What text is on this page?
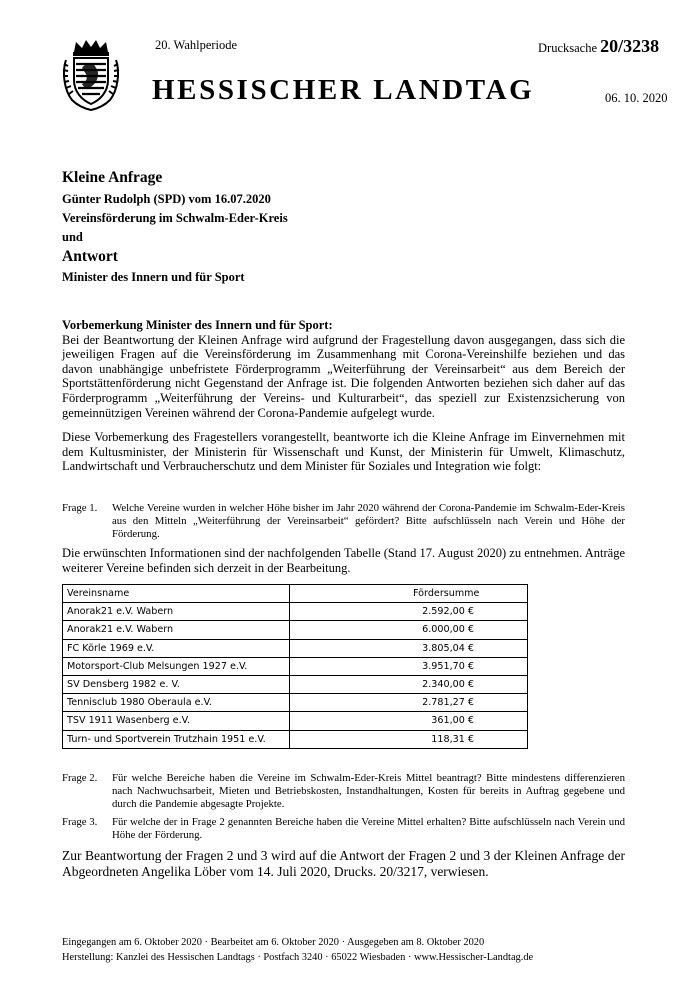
20. Wahlperiode	Drucksache 20/3238
HESSISCHER LANDTAG	06. 10. 2020

Kleine Anfrage

Günter Rudolph (SPD) vom 16.07.2020

Vereinsförderung im Schwalm-Eder-Kreis

und

Antwort

Minister des Innern und für Sport

Vorbemerkung Minister des Innern und für Sport:
Bei der Beantwortung der Kleinen Anfrage wird aufgrund der Fragestellung davon ausgegangen, dass sich die jeweiligen Fragen auf die Vereinsförderung im Zusammenhang mit Corona-Vereinshilfe beziehen und das davon unabhängige unbefristete Förderprogramm „Weiterführung der Vereinsarbeit“ aus dem Bereich der Sportstättenförderung nicht Gegenstand der Anfrage ist. Die folgenden Antworten beziehen sich daher auf das Förderprogramm „Weiterführung der Vereins- und Kulturarbeit“, das speziell zur Existenzsicherung von gemeinnützigen Vereinen während der Corona-Pandemie aufgelegt wurde.
Diese Vorbemerkung des Fragestellers vorangestellt, beantworte ich die Kleine Anfrage im Einvernehmen mit dem Kultusminister, der Ministerin für Wissenschaft und Kunst, der Ministerin für Umwelt, Klimaschutz, Landwirtschaft und Verbraucherschutz und dem Minister für Soziales und Integration wie folgt:
Frage 1. Welche Vereine wurden in welcher Höhe bisher im Jahr 2020 während der Corona-Pandemie im Schwalm-Eder-Kreis aus den Mitteln „Weiterführung der Vereinsarbeit“ gefördert? Bitte aufschlüsseln nach Verein und Höhe der Förderung.
Die erwünschten Informationen sind der nachfolgenden Tabelle (Stand 17. August 2020) zu entnehmen. Anträge weiterer Vereine befinden sich derzeit in der Bearbeitung.
Vereinsname	Fördersumme
Anorak21 e.V. Wabern	2.592,00 €
Anorak21 e.V. Wabern	6.000,00 €
FC Körle 1969 e.V.	3.805,04 €
Motorsport-Club Melsungen 1927 e.V.	3.951,70 €
SV Densberg 1982 e. V.	2.340,00 €
Tennisclub 1980 Oberaula e.V.	2.781,27 €
TSV 1911 Wasenberg e.V.	361,00 €
Turn- und Sportverein Trutzhain 1951 e.V.	118,31 €
Frage 2. Für welche Bereiche haben die Vereine im Schwalm-Eder-Kreis Mittel beantragt? Bitte mindestens differenzieren nach Nachwuchsarbeit, Mieten und Betriebskosten, Instandhaltungen, Kosten für bereits in Auftrag gegebene und durch die Pandemie abgesagte Projekte.
Frage 3. Für welche der in Frage 2 genannten Bereiche haben die Vereine Mittel erhalten? Bitte aufschlüsseln nach Verein und Höhe der Förderung.
Zur Beantwortung der Fragen 2 und 3 wird auf die Antwort der Fragen 2 und 3 der Kleinen Anfrage der Abgeordneten Angelika Löber vom 14. Juli 2020, Drucks. 20/3217, verwiesen.
Eingegangen am 6. Oktober 2020 · Bearbeitet am 6. Oktober 2020 · Ausgegeben am 8. Oktober 2020
Herstellung: Kanzlei des Hessischen Landtags · Postfach 3240 · 65022 Wiesbaden · www.Hessischer-Landtag.de
